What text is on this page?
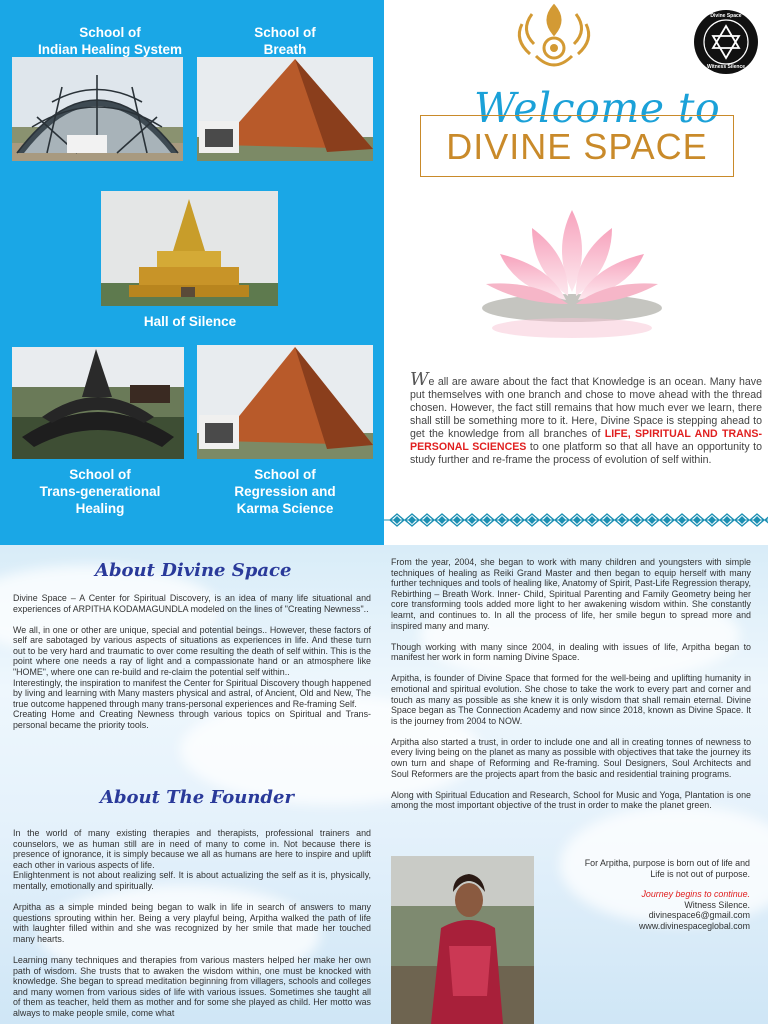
School of
Indian Healing System
School of
Breath
Hall of Silence
School of
Trans-generational
Healing
School of
Regression and
Karma Science
Divine Space
Witness Silence
Welcome to
DIVINE SPACE
We all are aware about the fact that Knowledge is an ocean. Many have put themselves with one branch and chose to move ahead with the thread chosen. However, the fact still remains that how much ever we learn, there shall still be something more to it. Here, Divine Space is stepping ahead to get the knowledge from all branches of LIFE, SPIRITUAL AND TRANS-PERSONAL SCIENCES to one platform so that all have an opportunity to study further and re-frame the process of evolution of self within.
About Divine Space

Divine Space – A Center for Spiritual Discovery, is an idea of many life situational and experiences of ARPITHA KODAMAGUNDLA modeled on the lines of "Creating Newness"..

We all, in one or other are unique, special and potential beings.. However, these factors of self are sabotaged by various aspects of situations as experiences in life. And these turn out to be very hard and traumatic to over come resulting the death of self within. This is the point where one needs a ray of light and a compassionate hand or an atmosphere like "HOME", where one can re-build and re-claim the potential self within..
Interestingly, the inspiration to manifest the Center for Spiritual Discovery though happened by living and learning with Many masters physical and astral, of Ancient, Old and New, The true outcome happened through many trans-personal experiences and Re-framing Self.
Creating Home and Creating Newness through various topics on Spiritual and Trans-personal became the priority tools.

About The Founder

In the world of many existing therapies and therapists, professional trainers and counselors, we as human still are in need of many to come in. Not because there is presence of ignorance, it is simply because we all as humans are here to inspire and uplift each other in various aspects of life.
Enlightenment is not about realizing self. It is about actualizing the self as it is, physically, mentally, emotionally and spiritually.

Arpitha as a simple minded being began to walk in life in search of answers to many questions sprouting within her. Being a very playful being, Arpitha walked the path of life with laughter filled within and she was recognized by her smile that made her touched many hearts.

Learning many techniques and therapies from various masters helped her make her own path of wisdom. She trusts that to awaken the wisdom within, one must be knocked with knowledge. She began to spread meditation beginning from villagers, schools and colleges and many women from various sides of life with various issues. Sometimes she taught all of them as teacher, held them as mother and for some she played as child. Her motto was always to make people smile, come what

From the year, 2004, she began to work with many children and youngsters with simple techniques of healing as Reiki Grand Master and then began to equip herself with many further techniques and tools of healing like, Anatomy of Spirit, Past-Life Regression therapy, Rebirthing – Breath Work. Inner- Child, Spiritual Parenting and Family Geometry being her core transforming tools added more light to her awakening wisdom within. She constantly learnt, and continues to. In all the process of life, her smile begun to spread more and inspired many and many.

Though working with many since 2004, in dealing with issues of life, Arpitha began to manifest her work in form naming Divine Space.

Arpitha, is founder of Divine Space that formed for the well-being and uplifting humanity in emotional and spiritual evolution. She chose to take the work to every part and corner and touch as many as possible as she knew it is only wisdom that shall remain eternal. Divine Space began as The Connection Academy and now since 2018, known as Divine Space. It is the journey from 2004 to NOW.

Arpitha also started a trust, in order to include one and all in creating tonnes of newness to every living being on the planet as many as possible with objectives that take the journey its own turn and shape of Reforming and Re-framing. Soul Designers, Soul Architects and Soul Reformers are the projects apart from the basic and residential training programs.

Along with Spiritual Education and Research, School for Music and Yoga, Plantation is one among the most important objective of the trust in order to make the planet green.

For Arpitha, purpose is born out of life and
Life is not out of purpose.
Journey begins to continue.
Witness Silence.
divinespace6@gmail.com
www.divinespaceglobal.com
